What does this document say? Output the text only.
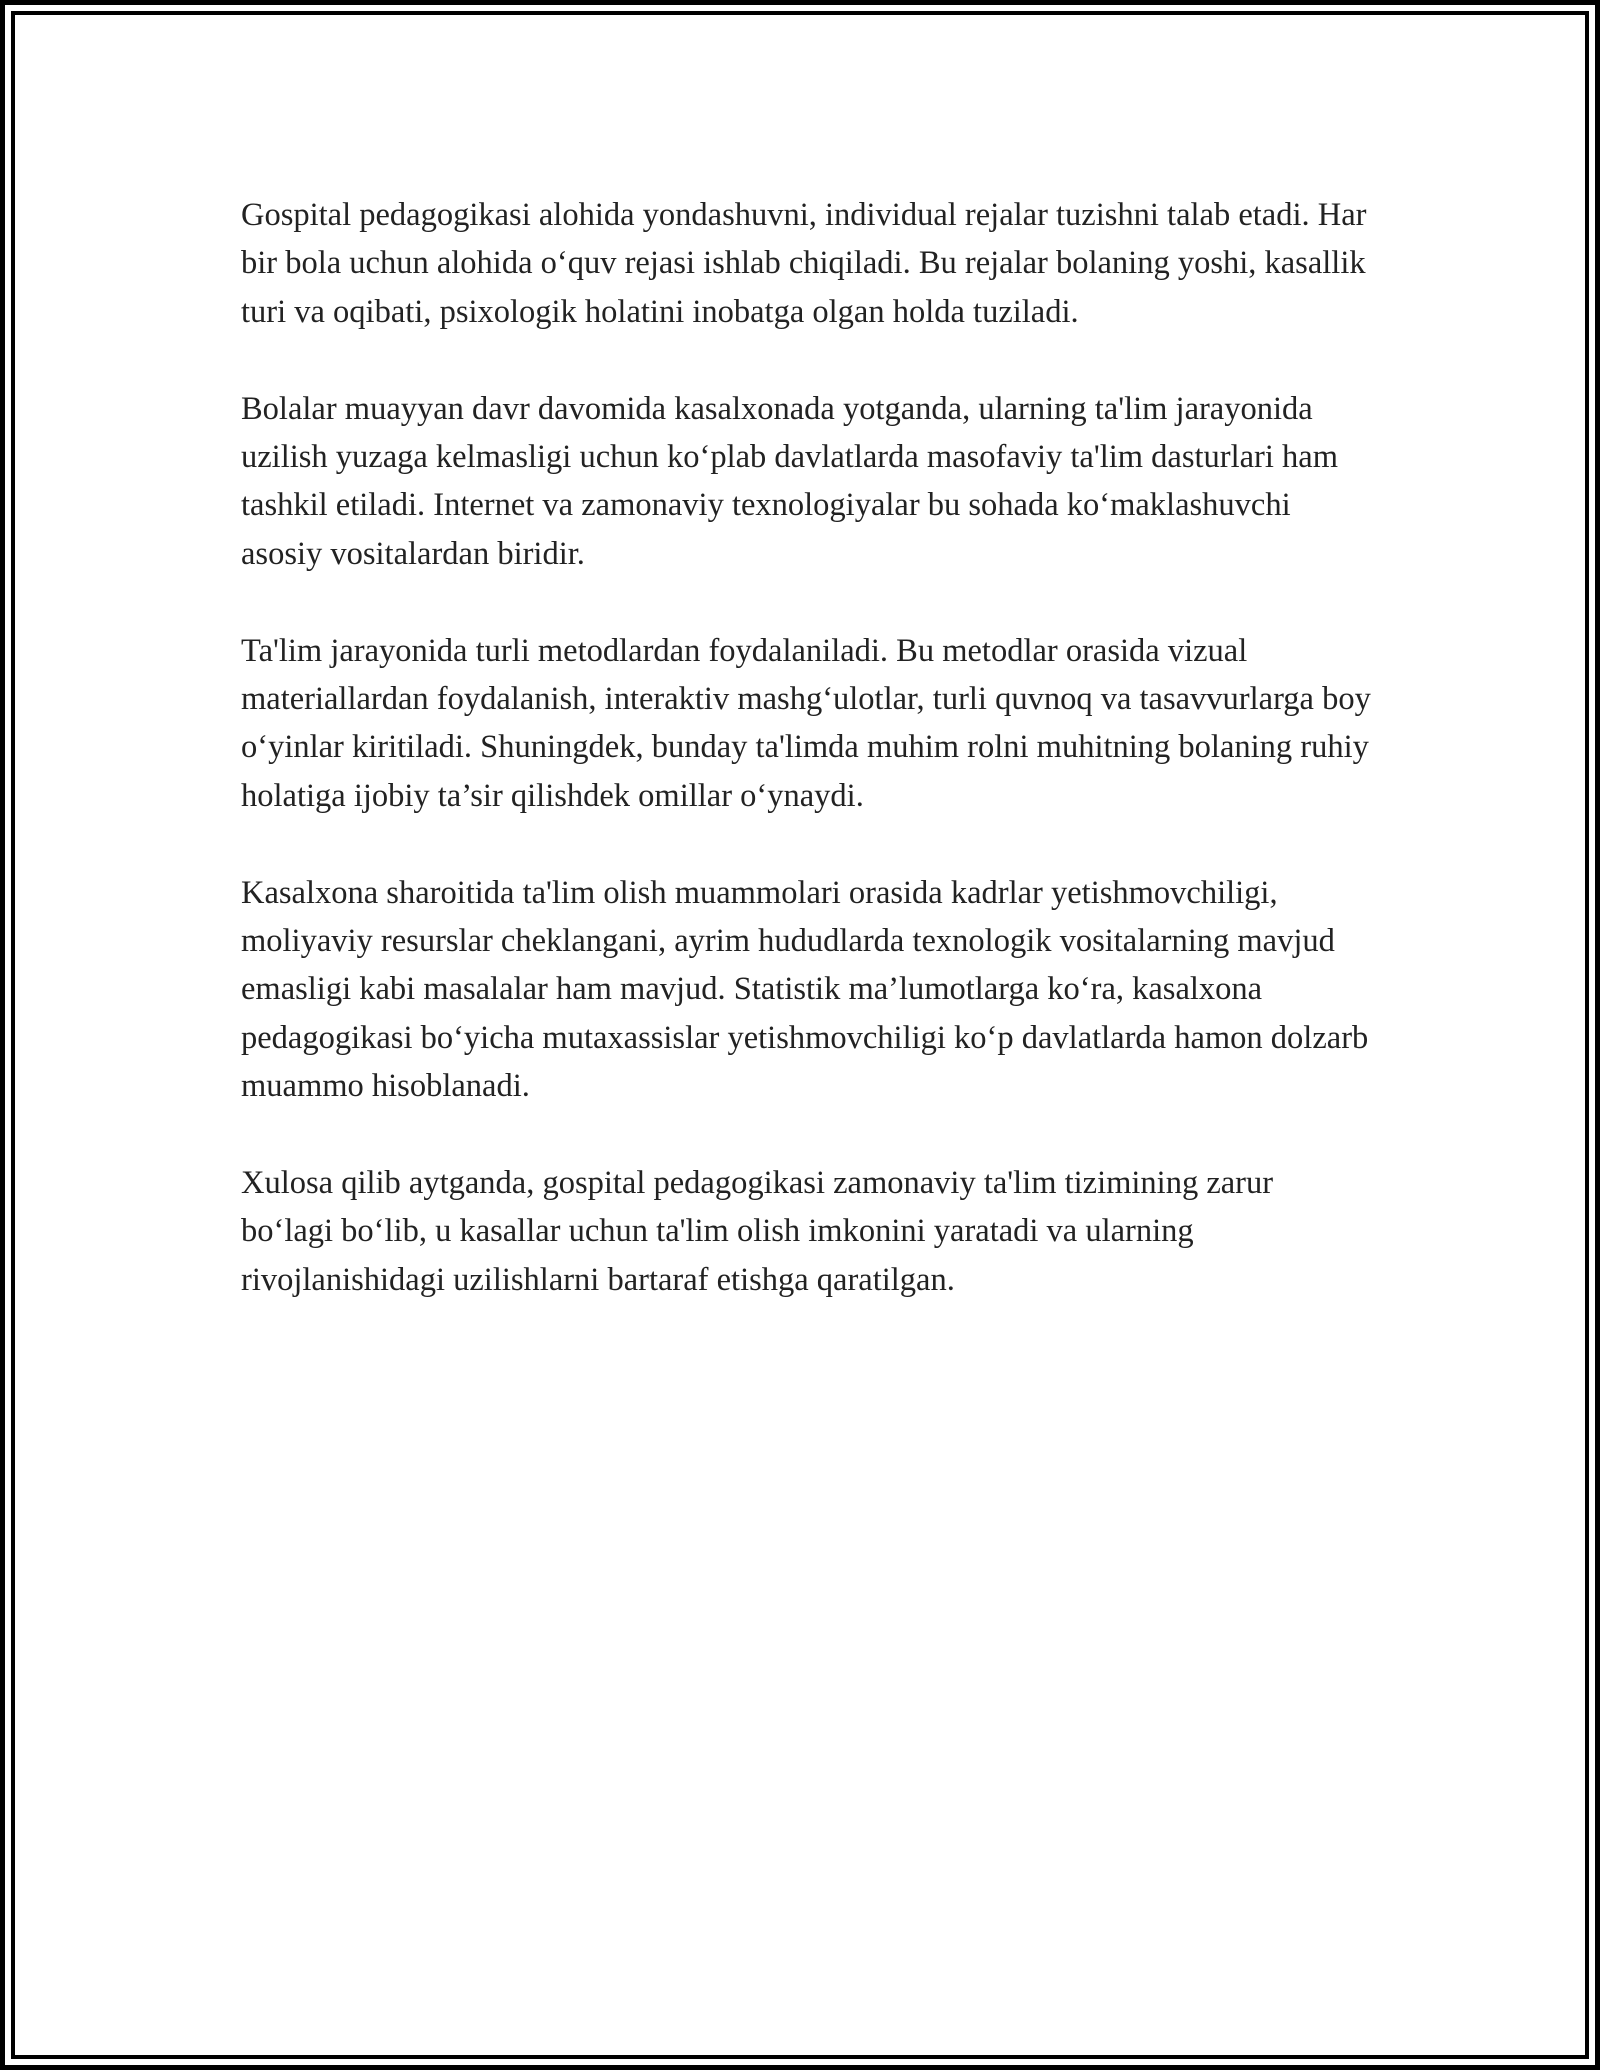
Gospital pedagogikasi alohida yondashuvni, individual rejalar tuzishni talab etadi. Har bir bola uchun alohida o‘quv rejasi ishlab chiqiladi. Bu rejalar bolaning yoshi, kasallik turi va oqibati, psixologik holatini inobatga olgan holda tuziladi.

Bolalar muayyan davr davomida kasalxonada yotganda, ularning ta'lim jarayonida uzilish yuzaga kelmasligi uchun ko‘plab davlatlarda masofaviy ta'lim dasturlari ham tashkil etiladi. Internet va zamonaviy texnologiyalar bu sohada ko‘maklashuvchi asosiy vositalardan biridir.

Ta'lim jarayonida turli metodlardan foydalaniladi. Bu metodlar orasida vizual materiallardan foydalanish, interaktiv mashg‘ulotlar, turli quvnoq va tasavvurlarga boy o‘yinlar kiritiladi. Shuningdek, bunday ta'limda muhim rolni muhitning bolaning ruhiy holatiga ijobiy ta’sir qilishdek omillar o‘ynaydi.

Kasalxona sharoitida ta'lim olish muammolari orasida kadrlar yetishmovchiligi, moliyaviy resurslar cheklangani, ayrim hududlarda texnologik vositalarning mavjud emasligi kabi masalalar ham mavjud. Statistik ma’lumotlarga ko‘ra, kasalxona pedagogikasi bo‘yicha mutaxassislar yetishmovchiligi ko‘p davlatlarda hamon dolzarb muammo hisoblanadi.

Xulosa qilib aytganda, gospital pedagogikasi zamonaviy ta'lim tizimining zarur bo‘lagi bo‘lib, u kasallar uchun ta'lim olish imkonini yaratadi va ularning rivojlanishidagi uzilishlarni bartaraf etishga qaratilgan.
